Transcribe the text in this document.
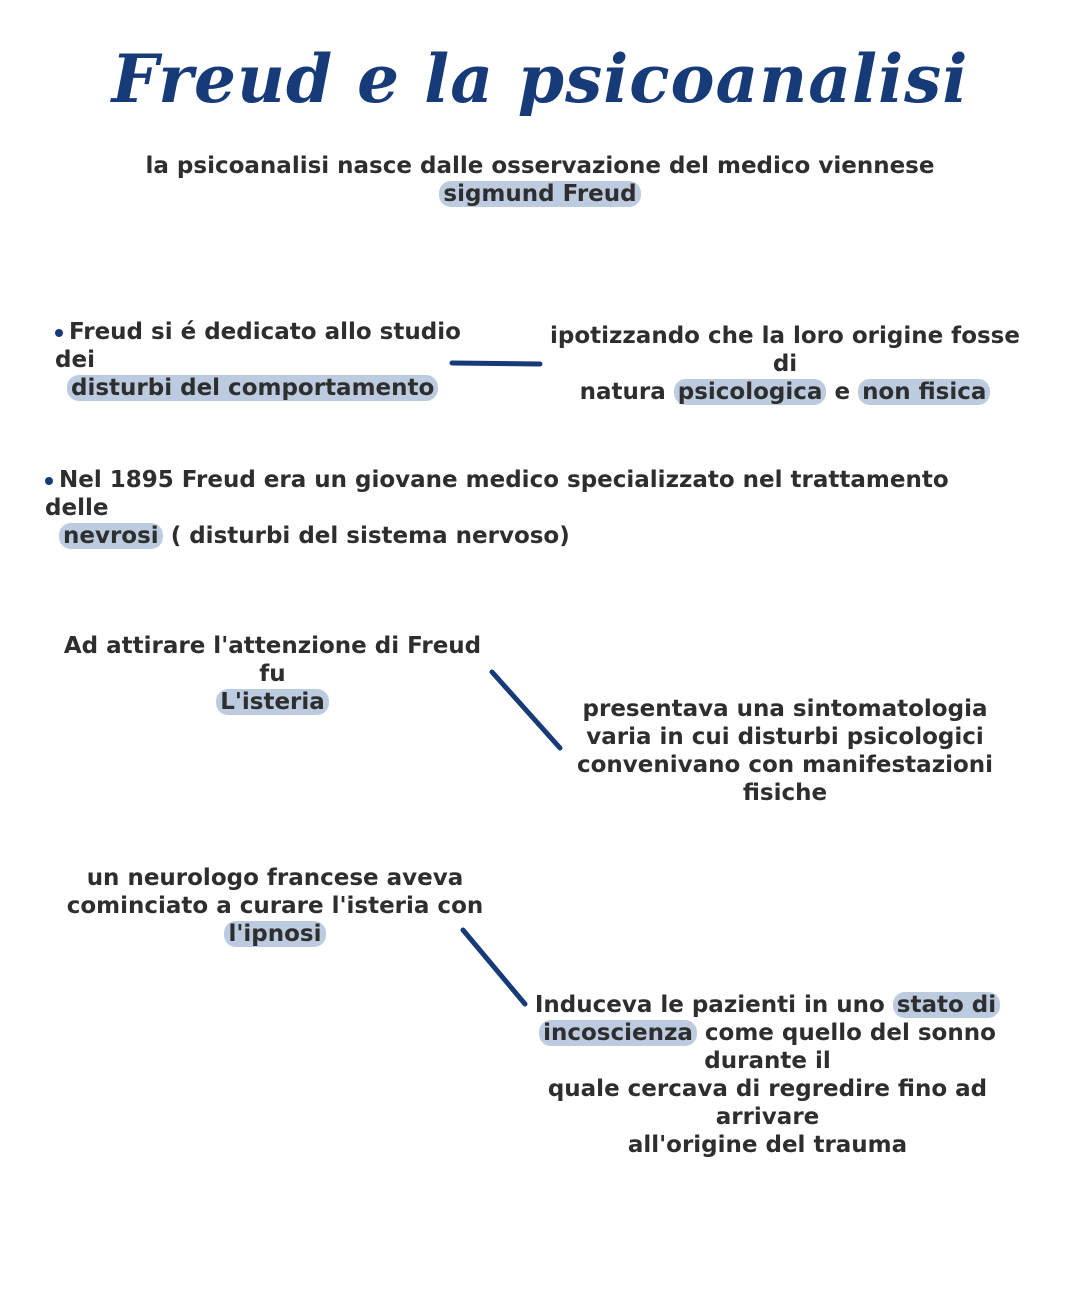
Freud e la psicoanalisi
la psicoanalisi nasce dalle osservazione del medico viennese
sigmund Freud
Freud si é dedicato allo studio dei
disturbi del comportamento
ipotizzando che la loro origine fosse di
natura psicologica e non fisica
Nel 1895 Freud era un giovane medico specializzato nel trattamento delle
nevrosi ( disturbi del sistema nervoso)
Ad attirare l'attenzione di Freud fu
L'isteria	presentava una sintomatologia
varia in cui disturbi psicologici
convenivano con manifestazioni
fisiche
un neurologo francese aveva
cominciato a curare l'isteria con
l'ipnosi
Induceva le pazienti in uno stato di
incoscienza come quello del sonno durante il
quale cercava di regredire fino ad arrivare
all'origine del trauma
